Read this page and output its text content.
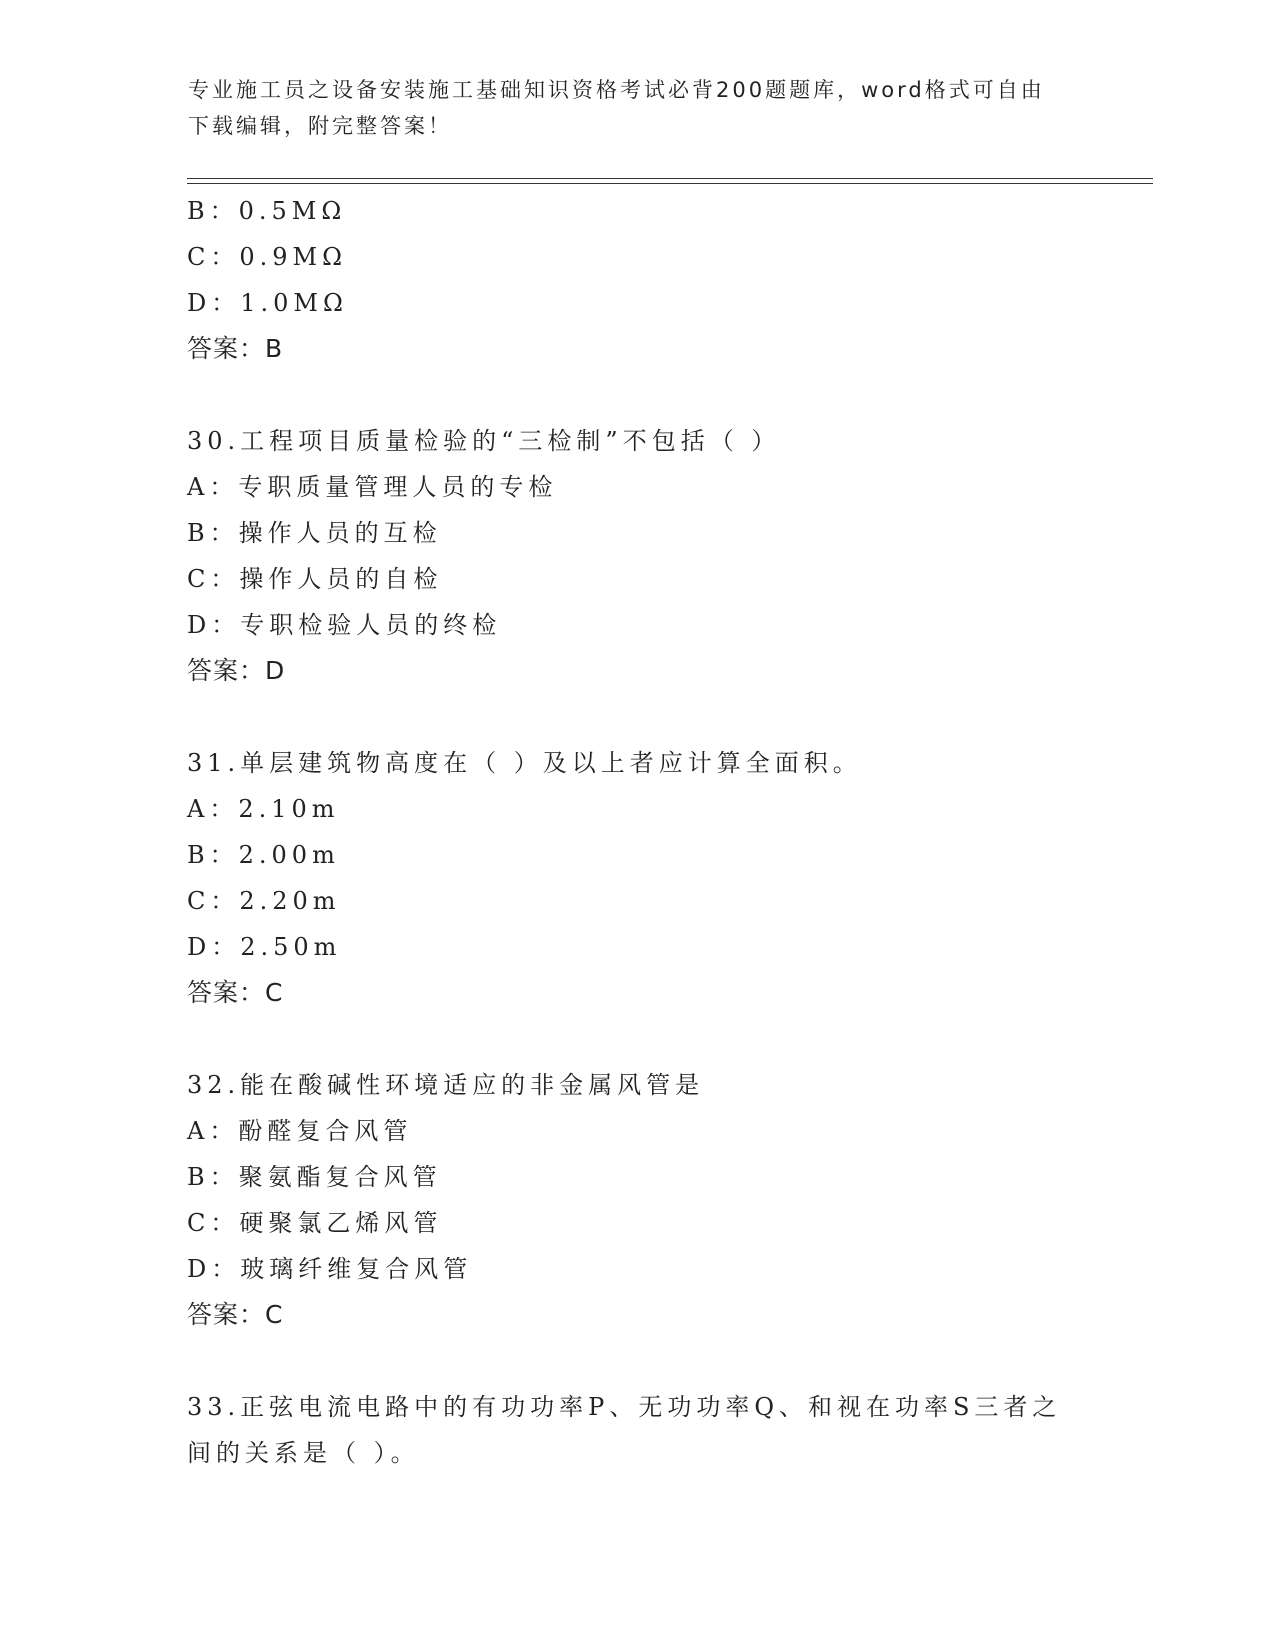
专业施工员之设备安装施工基础知识资格考试必背200题题库，word格式可自由下载编辑，附完整答案！
B：0.5MΩ
C：0.9MΩ
D：1.0MΩ
答案：B
30.工程项目质量检验的“三检制”不包括（ ）
A：专职质量管理人员的专检
B：操作人员的互检
C：操作人员的自检
D：专职检验人员的终检
答案：D
31.单层建筑物高度在（ ）及以上者应计算全面积。
A：2.10m
B：2.00m
C：2.20m
D：2.50m
答案：C
32.能在酸碱性环境适应的非金属风管是
A：酚醛复合风管
B：聚氨酯复合风管
C：硬聚氯乙烯风管
D：玻璃纤维复合风管
答案：C
33.正弦电流电路中的有功功率P、无功功率Q、和视在功率S三者之间的关系是（ ）。
